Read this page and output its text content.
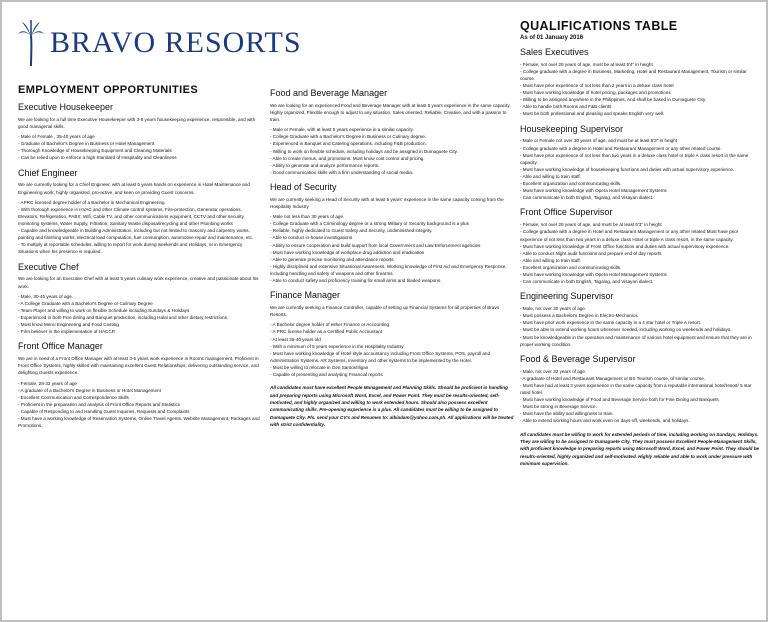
BRAVO RESORTS
EMPLOYMENT OPPORTUNITIES
Executive Housekeeper

We are looking for a full time Executive Housekeeper with 3-5 years housekeeping experience, responsible, and with good managerial skills.

- Male or Female , 35-40 years of age
- Graduate of Bachelor's Degree in Business or Hotel Management
- Thorough Knowledge of Housekeeping Equipment and Cleaning Materials
- Can be relied upon to enforce a high Standard of Hospitality and Cleanliness
Chief Engineer

We are currently looking for a Chief Engineer, with at least 5 years hands on experience in Hotel Maintenance and Engineering work, highly organized, pro-active, and keen on providing Guest concerns.

- APRC licensed degree holder of a Bachelor in Mechanical Engineering
- With thorough experience in HVAC and other Climate control systems, Fire-protection, Generator operations, Elevators, Refrigeration, PABX, Wifi, Cable TV, and other communications equipment, CCTV and other security monitoring systems, Water Supply, Filtration, Sanitary Waste disposal/recycling and other Plumbing works
- Capable and knowledgeable in Building Administration, including but not limited to masonry and carpentry works, painting and finishing works, electrical load computation, fuel consumption, automotive repair and maintenance, etc.
- To multiply at reportable schedules, willing to report for work during weekends and Holidays, or in Emergency Situations when his presence is required.
Executive Chef

We are looking for an Executive Chef with at least 5 years culinary work experience, creative and passionate about his work.

- Male, 30-45 years of age.
- A College Graduate with a Bachelor's Degree or Culinary Degree
- Team Player and willing to work on flexible Schedule including Sundays & Holidays
- Experienced in both Fine dining and Banquet production, including Halal and other dietary restrictions.
- Must know Menu Engineering and Food Costing
- Firm believer in the implementation of HACCP.
Front Office Manager

We are in need of a Front Office Manager with at least 3-5 years work experience in Rooms management, Proficient in Front Office Systems, highly skilled with maintaining excellent Guest Relationships, delivering outstanding service, and delighting Guests experience.

- Female, 28-32 years of age
- A graduate of a Bachelor's Degree in Business or Hotel Management
- Excellent Communication and Correspondence Skills
- Proficient in the preparation and analysis of Front Office Reports and Statistics
- Capable of Responding to and Handling Guest Inquiries, Requests and Complaints
- Must have a working knowledge of Reservation Systems, Online Travel Agents, Website Management, Packages and Promotions.
Food and Beverage Manager

We are looking for an experienced Food and Beverage Manager with at least 5 years experience in the same capacity. Highly organized, Flexible enough to adjust to any situation, Sales oriented, Reliable, Creative, and with a passion to train.

- Male or Female, with at least 5 years experience in a similar capacity.
- College Graduate with a Bachelor's Degree in Business or Culinary degree.
- Experienced in Banquet and Catering operations, including F&B production.
- Willing to work on flexible schedule, including holidays and be assigned in Dumaguete City.
- Able to create menus, and promotions. Must know cost control and pricing.
- Ability to generate and analyze performance reports.
- Good communication skills with a firm understanding of social media.
Head of Security

We are currently seeking a Head of Security with at least 5 years' experience in the same capacity coming from the Hospitality Industry

- Male not less than 30 years of age.
- College Graduate with a Criminology degree or a strong Military or Security background is a plus
- Reliable, highly dedicated to Guest Safety and Security, undiminished integrity.
- Able to conduct in-house investigations
- Ability to ensure cooperation and build support from local Government and Law Enforcement agencies
- Must have working knowledge of workplace drug addiction and eradication
- Able to generate precise monitoring and attendance reports
- Highly disciplined and extensive Situational Awareness, Working knowledge of First Aid and Emergency Response, including handling and safety of weapons and other firearms.
- Able to conduct safety and proficiency training for small arms and bladed weapons.
Finance Manager

We are currently seeking a Finance Controller, capable of setting up Financial Systems for all properties of Bravo Resorts.

- A Bachelor degree holder of either Finance or Accounting
- A PRC license holder as a Certified Public Accountant
- At least 35-40 years old
- With a minimum of 5 years experience in the Hospitality Industry
- Must have working knowledge of Hotel style accountancy including Front Office Systems, POS, payroll and Administration Systems, AR Systems, Inventory and other systems to be implemented by the Hotel.
- Must be willing to relocate in Gen Santos/Iligan
- Capable of presenting and analysing Financial reports
All candidates must have excellent People Management and Planning Skills. Should be proficient in handling and preparing reports using Microsoft Word, Excel, and Power Point. They must be results-oriented, self-motivated, and highly organized and willing to work extended hours. Should also possess excellent communicating skills. Pre-opening experience is a plus. All candidates must be willing to be assigned to Dumaguete City. Pls. send your CV's and Resumes to: albiadam@yahoo.com.ph. All applications will be treated with strict confidentiality.
QUALIFICATIONS TABLE
As of 01 January 2016
Sales Executives
- Female, not over 28 years of age, must be at least 5'4" in height
- College graduate with a degree in Business, Marketing, Hotel and Restaurant Management, Tourism or similar course.
- Must have prior experience of not less than 2 years in a deluxe class hotel
- Must have working knowledge of hotel pricing, packages and promotions
- Willing to be assigned anywhere in the Philippines. And shall be based in Dumaguete City.
- Able to handle both Rooms and F&B clients
- Must be both professional and pleasing and speaks English very well.
Housekeeping Supervisor
- Male or Female not over 30 years of age, and must be at least 5'3" in height
- College graduate with a degree in Hotel and Restaurant Management or any other related course.
- Must have prior experience of not less than two years in a deluxe class hotel or triple A class resort in the same capacity.
- Must have working knowledge of housekeeping functions and duties with actual supervisory experience.
- Able and willing to train staff.
- Excellent organization and communicating skills.
- Must have working knowledge with Opera Hotel Management Systems
- Can communicate in both English, Tagalog, and Visayan dialect.
Front Office Supervisor
- Female, not over 28 years of age, and must be at least 5'3" in height
- College graduate with a degree in Hotel and Restaurant Management or any other related Must have prior experience of not less than two years in a deluxe class Hotel or triple A class resort, in the same capacity.
- Must have working knowledge of Front Office functions and duties with actual supervisory experience.
- Able to conduct Night audit functions and prepare end of day reports
- Able and willing to train staff.
- Excellent organization and communicating skills.
- Must have working knowledge with Opera Hotel Management Systems
- Can communicate in both English, Tagalog, and Visayan dialect.
Engineering Supervisor
- Male, not over 30 years of age.
- Must possess a Bachelor's Degree in Electro-Mechanics.
- Must have prior work experience in the same capacity in a 4 star hotel or Triple A resort.
- Must be able to extend working hours whenever needed, including working on weekends and holidays.
- Must be knowledgeable in the operation and maintenance of various hotel equipment and ensure that they are in proper working condition.
Food & Beverage Supervisor
- Male, not over 32 years of age.
- A graduate of Hotel and Restaurant Management or BS Tourism course, of similar course.
- Must have had at least 3 years experience in the same capacity from a reputable international hotel/resort/ 5 star rated hotel.
- Must have working knowledge of Food and Beverage Service both for Fine Dining and Banquets
- Must be strong in Beverage Service.
- Must have the ability and willingness to train.
- Able to extend working hours and work even on days-off, weekends, and holidays.
All candidates must be willing to work for extended periods of time, including working on Sundays, Holidays. They are willing to be assigned to Dumaguete City. They must possess Excellent People-Management Skills, with proficient knowledge in preparing reports using Microsoft Word, Excel, and Power Point. They should be results-oriented, highly organized and self-motivated. Highly reliable and able to work under pressure with minimum supervision.
